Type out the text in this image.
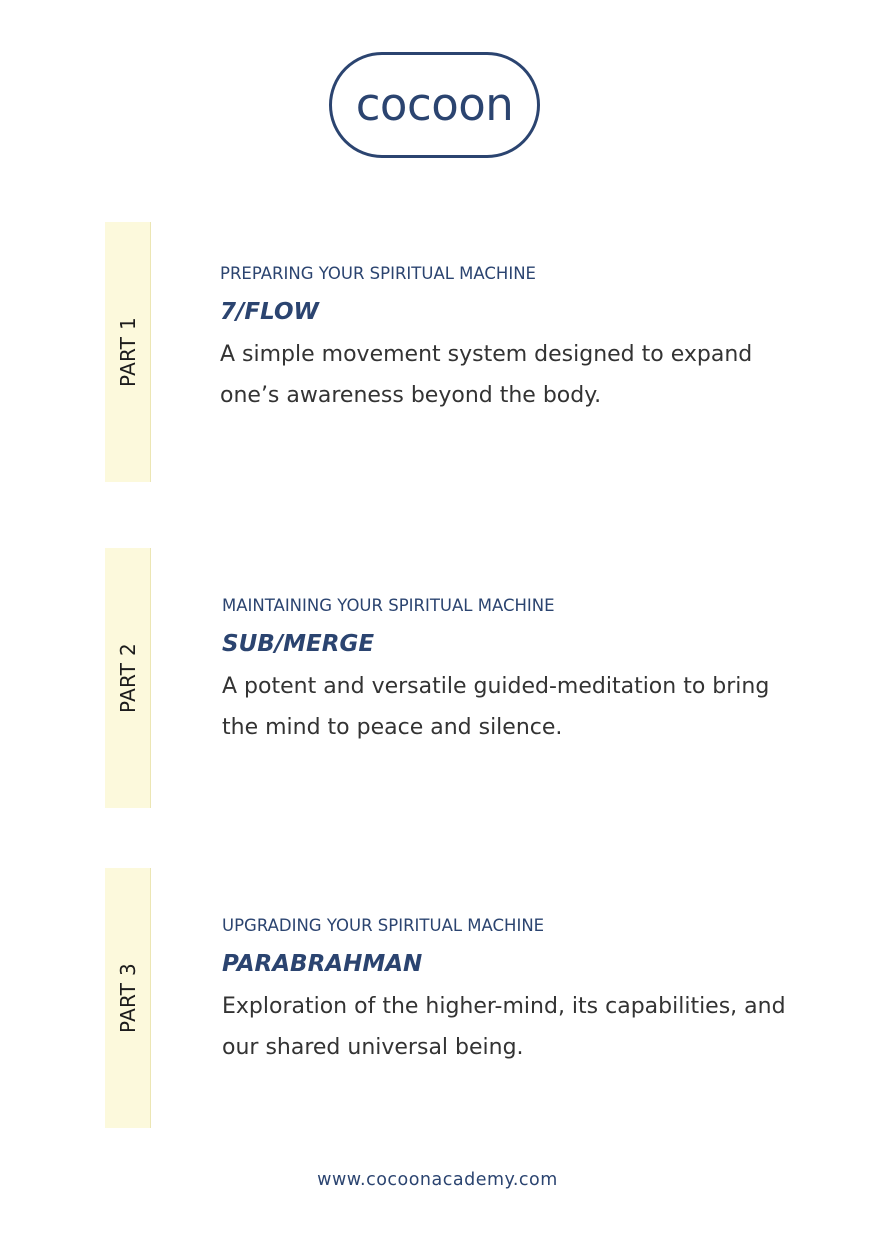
cocoon
PART 1

PREPARING YOUR SPIRITUAL MACHINE

7/FLOW

A simple movement system designed to expand one’s awareness beyond the body.

PART 2

MAINTAINING YOUR SPIRITUAL MACHINE

SUB/MERGE

A potent and versatile guided-meditation to bring the mind to peace and silence.

PART 3

UPGRADING YOUR SPIRITUAL MACHINE

PARABRAHMAN

Exploration of the higher-mind, its capabilities, and our shared universal being.

www.cocoonacademy.com
